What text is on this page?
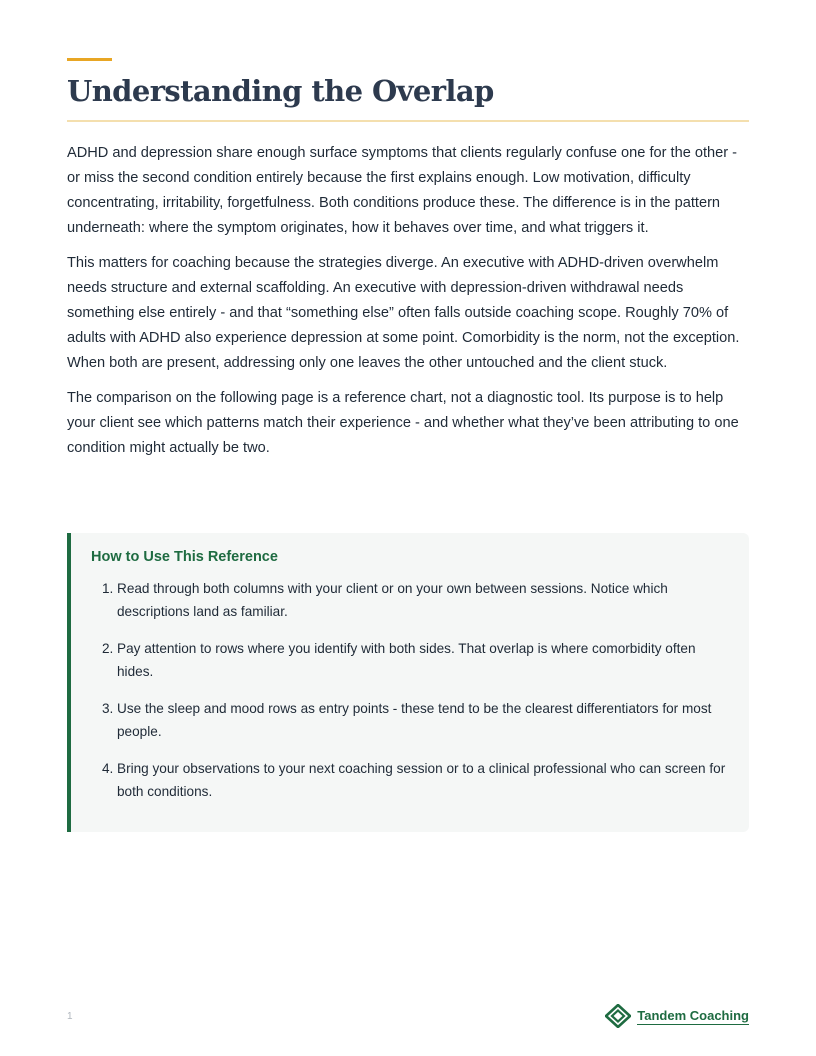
Understanding the Overlap

ADHD and depression share enough surface symptoms that clients regularly confuse one for the other - or miss the second condition entirely because the first explains enough. Low motivation, difficulty concentrating, irritability, forgetfulness. Both conditions produce these. The difference is in the pattern underneath: where the symptom originates, how it behaves over time, and what triggers it.

This matters for coaching because the strategies diverge. An executive with ADHD-driven overwhelm needs structure and external scaffolding. An executive with depression-driven withdrawal needs something else entirely - and that “something else” often falls outside coaching scope. Roughly 70% of adults with ADHD also experience depression at some point. Comorbidity is the norm, not the exception. When both are present, addressing only one leaves the other untouched and the client stuck.

The comparison on the following page is a reference chart, not a diagnostic tool. Its purpose is to help your client see which patterns match their experience - and whether what they’ve been attributing to one condition might actually be two.

How to Use This Reference
1. Read through both columns with your client or on your own between sessions. Notice which descriptions land as familiar.
2. Pay attention to rows where you identify with both sides. That overlap is where comorbidity often hides.
3. Use the sleep and mood rows as entry points - these tend to be the clearest differentiators for most people.
4. Bring your observations to your next coaching session or to a clinical professional who can screen for both conditions.
1	Tandem Coaching
